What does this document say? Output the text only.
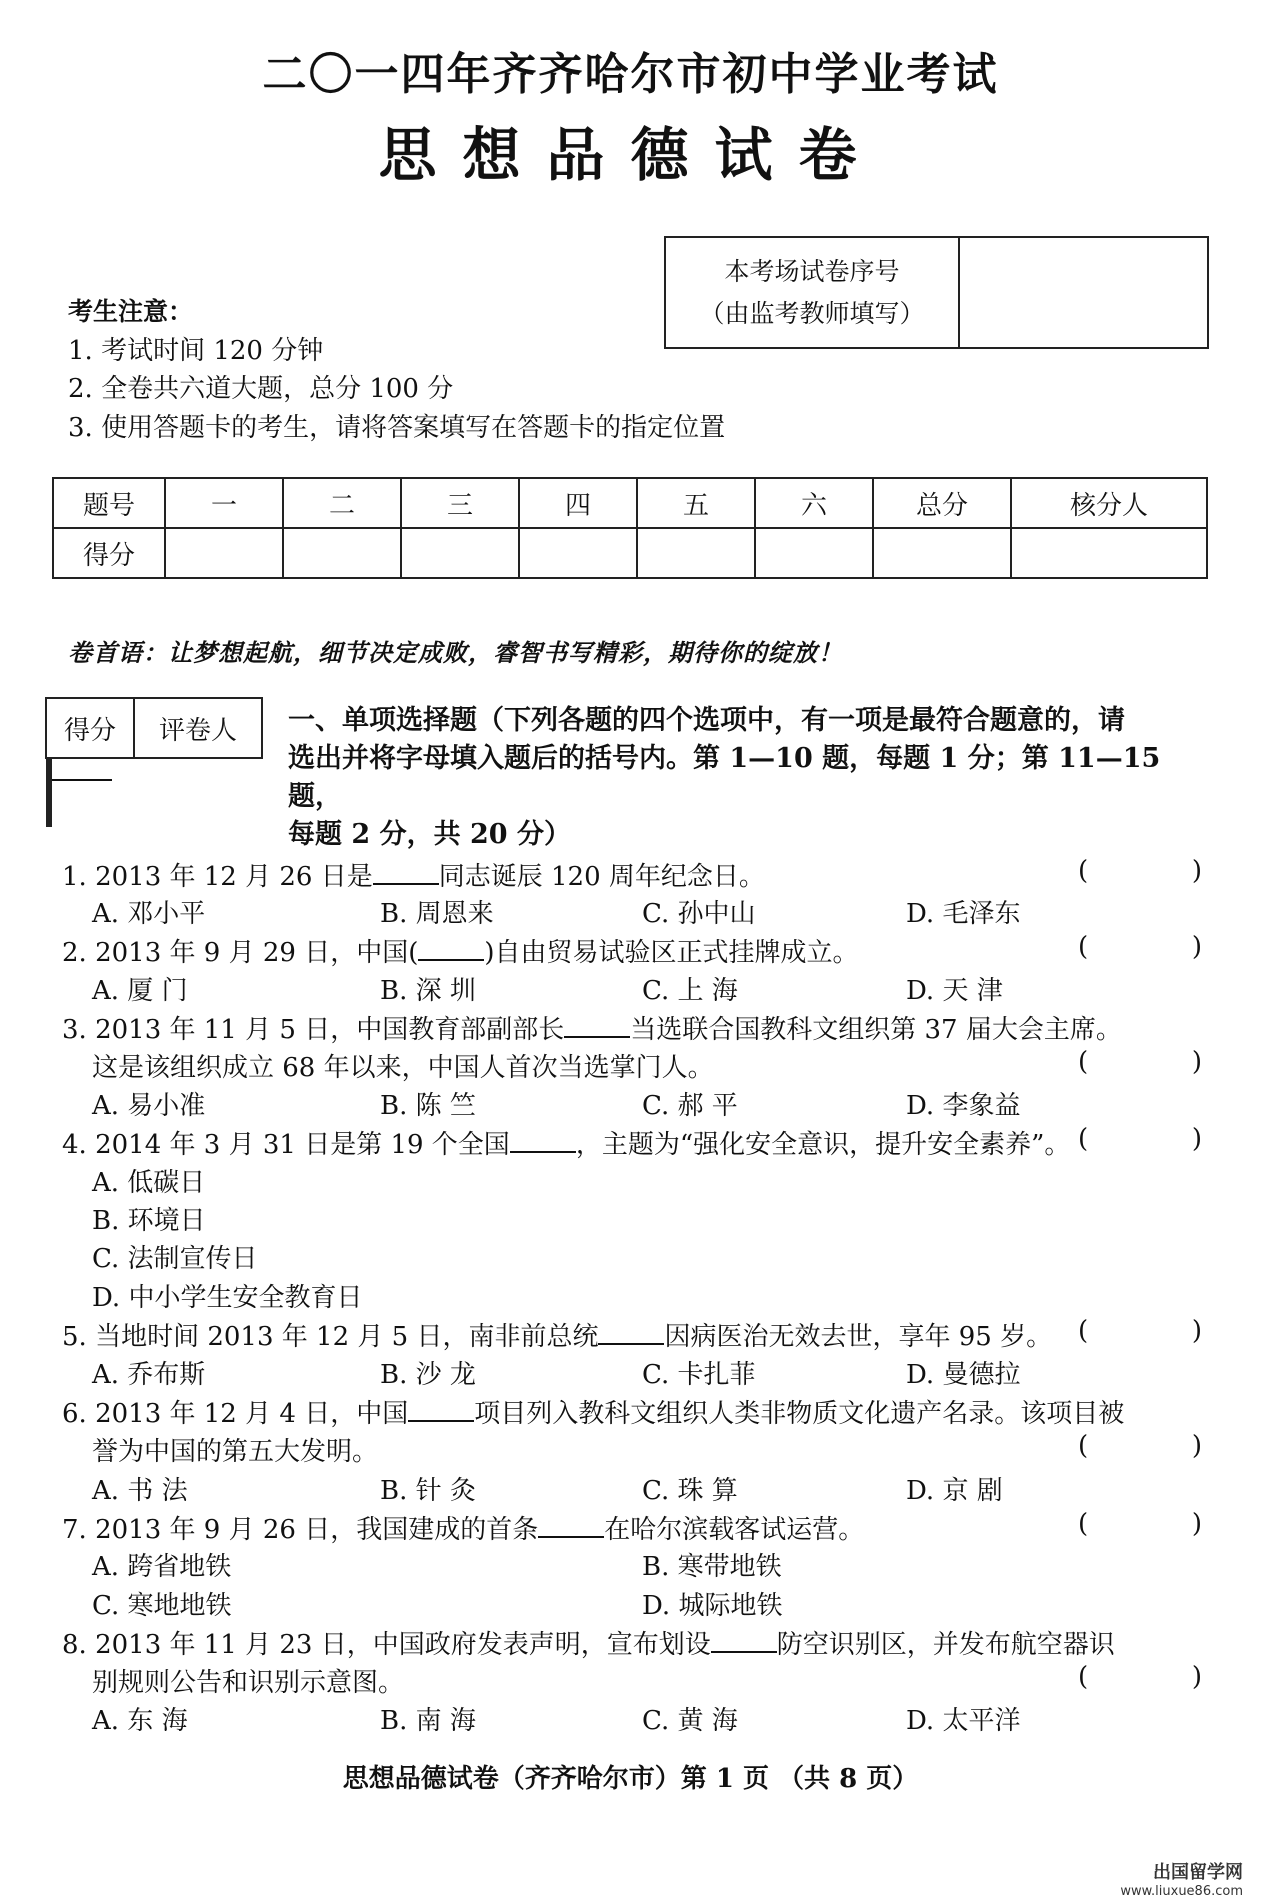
二〇一四年齐齐哈尔市初中学业考试
思想品德试卷
本考场试卷序号
（由监考教师填写）

考生注意：
1. 考试时间 120 分钟
2. 全卷共六道大题，总分 100 分
3. 使用答题卡的考生，请将答案填写在答题卡的指定位置
题号	一	二	三	四	五	六	总分	核分人
得分								
卷首语：让梦想起航，细节决定成败，睿智书写精彩，期待你的绽放！
得分	评卷人
	一、单项选择题（下列各题的四个选项中，有一项是最符合题意的，请
选出并将字母填入题后的括号内。第 1—10 题，每题 1 分；第 11—15 题，
每题 2 分，共 20 分）
1. 2013 年 12 月 26 日是	同志诞辰 120 周年纪念日。	(	)
A. 邓小平	B. 周恩来	C. 孙中山	D. 毛泽东
2. 2013 年 9 月 29 日，中国(	)自由贸易试验区正式挂牌成立。	(	)
A. 厦 门	B. 深 圳	C. 上 海	D. 天 津
3. 2013 年 11 月 5 日，中国教育部副部长	当选联合国教科文组织第 37 届大会主席。
这是该组织成立 68 年以来，中国人首次当选掌门人。	(	)
A. 易小准	B. 陈 竺	C. 郝 平	D. 李象益
4. 2014 年 3 月 31 日是第 19 个全国	，主题为“强化安全意识，提升安全素养”。 (	)
A. 低碳日
B. 环境日
C. 法制宣传日
D. 中小学生安全教育日
5. 当地时间 2013 年 12 月 5 日，南非前总统	因病医治无效去世，享年 95 岁。 (	)
A. 乔布斯	B. 沙 龙	C. 卡扎菲	D. 曼德拉
6. 2013 年 12 月 4 日，中国	项目列入教科文组织人类非物质文化遗产名录。该项目被
誉为中国的第五大发明。	(	)
A. 书 法	B. 针 灸	C. 珠 算	D. 京 剧
7. 2013 年 9 月 26 日，我国建成的首条	在哈尔滨载客试运营。	(	)
A. 跨省地铁	B. 寒带地铁
C. 寒地地铁	D. 城际地铁
8. 2013 年 11 月 23 日，中国政府发表声明，宣布划设	防空识别区，并发布航空器识
别规则公告和识别示意图。	(	)
A. 东 海	B. 南 海	C. 黄 海	D. 太平洋
思想品德试卷（齐齐哈尔市）第 1 页 （共 8 页）
出国留学网
www.liuxue86.com
